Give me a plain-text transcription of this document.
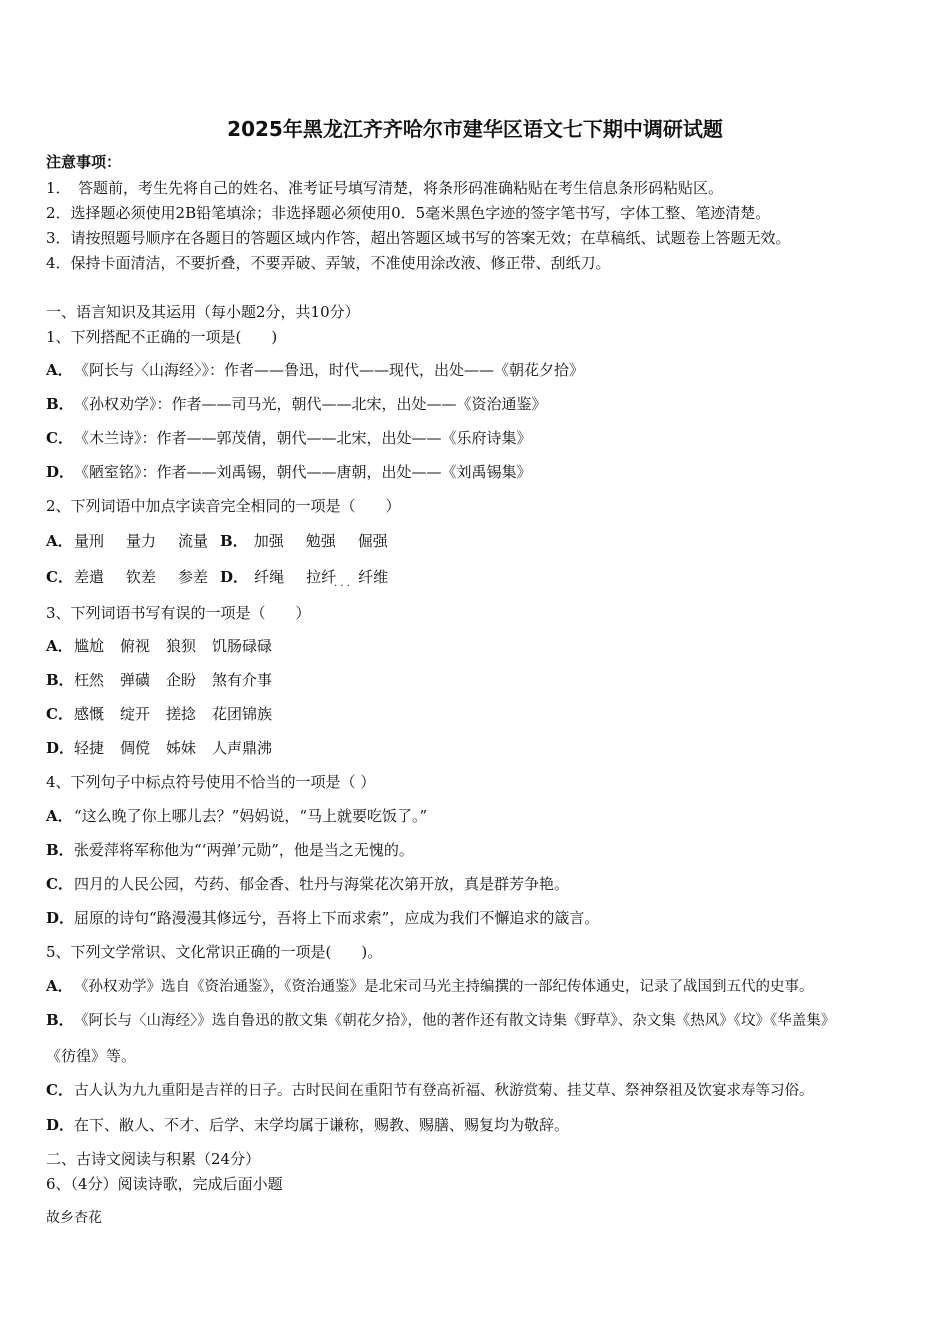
2025年黑龙江齐齐哈尔市建华区语文七下期中调研试题
注意事项：
1．　答题前，考生先将自己的姓名、准考证号填写清楚，将条形码准确粘贴在考生信息条形码粘贴区。
2．选择题必须使用2B铅笔填涂；非选择题必须使用0．5毫米黑色字迹的签字笔书写，字体工整、笔迹清楚。
3．请按照题号顺序在各题目的答题区域内作答，超出答题区域书写的答案无效；在草稿纸、试题卷上答题无效。
4．保持卡面清洁，不要折叠，不要弄破、弄皱，不准使用涂改液、修正带、刮纸刀。
一、语言知识及其运用（每小题2分，共10分）
1、下列搭配不正确的一项是(　　)
A．《阿长与〈山海经〉》：作者——鲁迅，时代——现代，出处——《朝花夕拾》
B．《孙权劝学》：作者——司马光，朝代——北宋，出处——《资治通鉴》
C．《木兰诗》：作者——郭茂倩，朝代——北宋，出处——《乐府诗集》
D．《陋室铭》：作者——刘禹锡，朝代——唐朝，出处——《刘禹锡集》
2、下列词语中加点字读音完全相同的一项是（　　）
A．量刑 量力 流量 B． 加强 勉强 倔强
C．差遣 钦差 参差 D． 纤绳 拉纤 · · · 纤维
3、下列词语书写有误的一项是（　　）
A．尴尬 俯视 狼狈 饥肠碌碌
B．枉然 弹磺 企盼 煞有介事
C．感慨 绽开 搓捻 花团锦族
D．轻捷 倜傥 姊妹 人声鼎沸
4、下列句子中标点符号使用不恰当的一项是（ ）
A．“这么晚了你上哪儿去？”妈妈说，“马上就要吃饭了。”
B．张爱萍将军称他为“‘两弹’元勋”，他是当之无愧的。
C．四月的人民公园，芍药、郁金香、牡丹与海棠花次第开放，真是群芳争艳。
D．屈原的诗句“路漫漫其修远兮，吾将上下而求索”，应成为我们不懈追求的箴言。
5、下列文学常识、文化常识正确的一项是(　　)。
A．《孙权劝学》选自《资治通鉴》，《资治通鉴》是北宋司马光主持编撰的一部纪传体通史，记录了战国到五代的史事。
B．《阿长与〈山海经〉》选自鲁迅的散文集《朝花夕拾》，他的著作还有散文诗集《野草》、杂文集《热风》《坟》《华盖集》
《彷徨》等。
C．古人认为九九重阳是吉祥的日子。古时民间在重阳节有登高祈福、秋游赏菊、挂艾草、祭神祭祖及饮宴求寿等习俗。
D．在下、敝人、不才、后学、末学均属于谦称，赐教、赐膳、赐复均为敬辞。
二、古诗文阅读与积累（24分）
6、（4分）阅读诗歌，完成后面小题
故乡杏花
